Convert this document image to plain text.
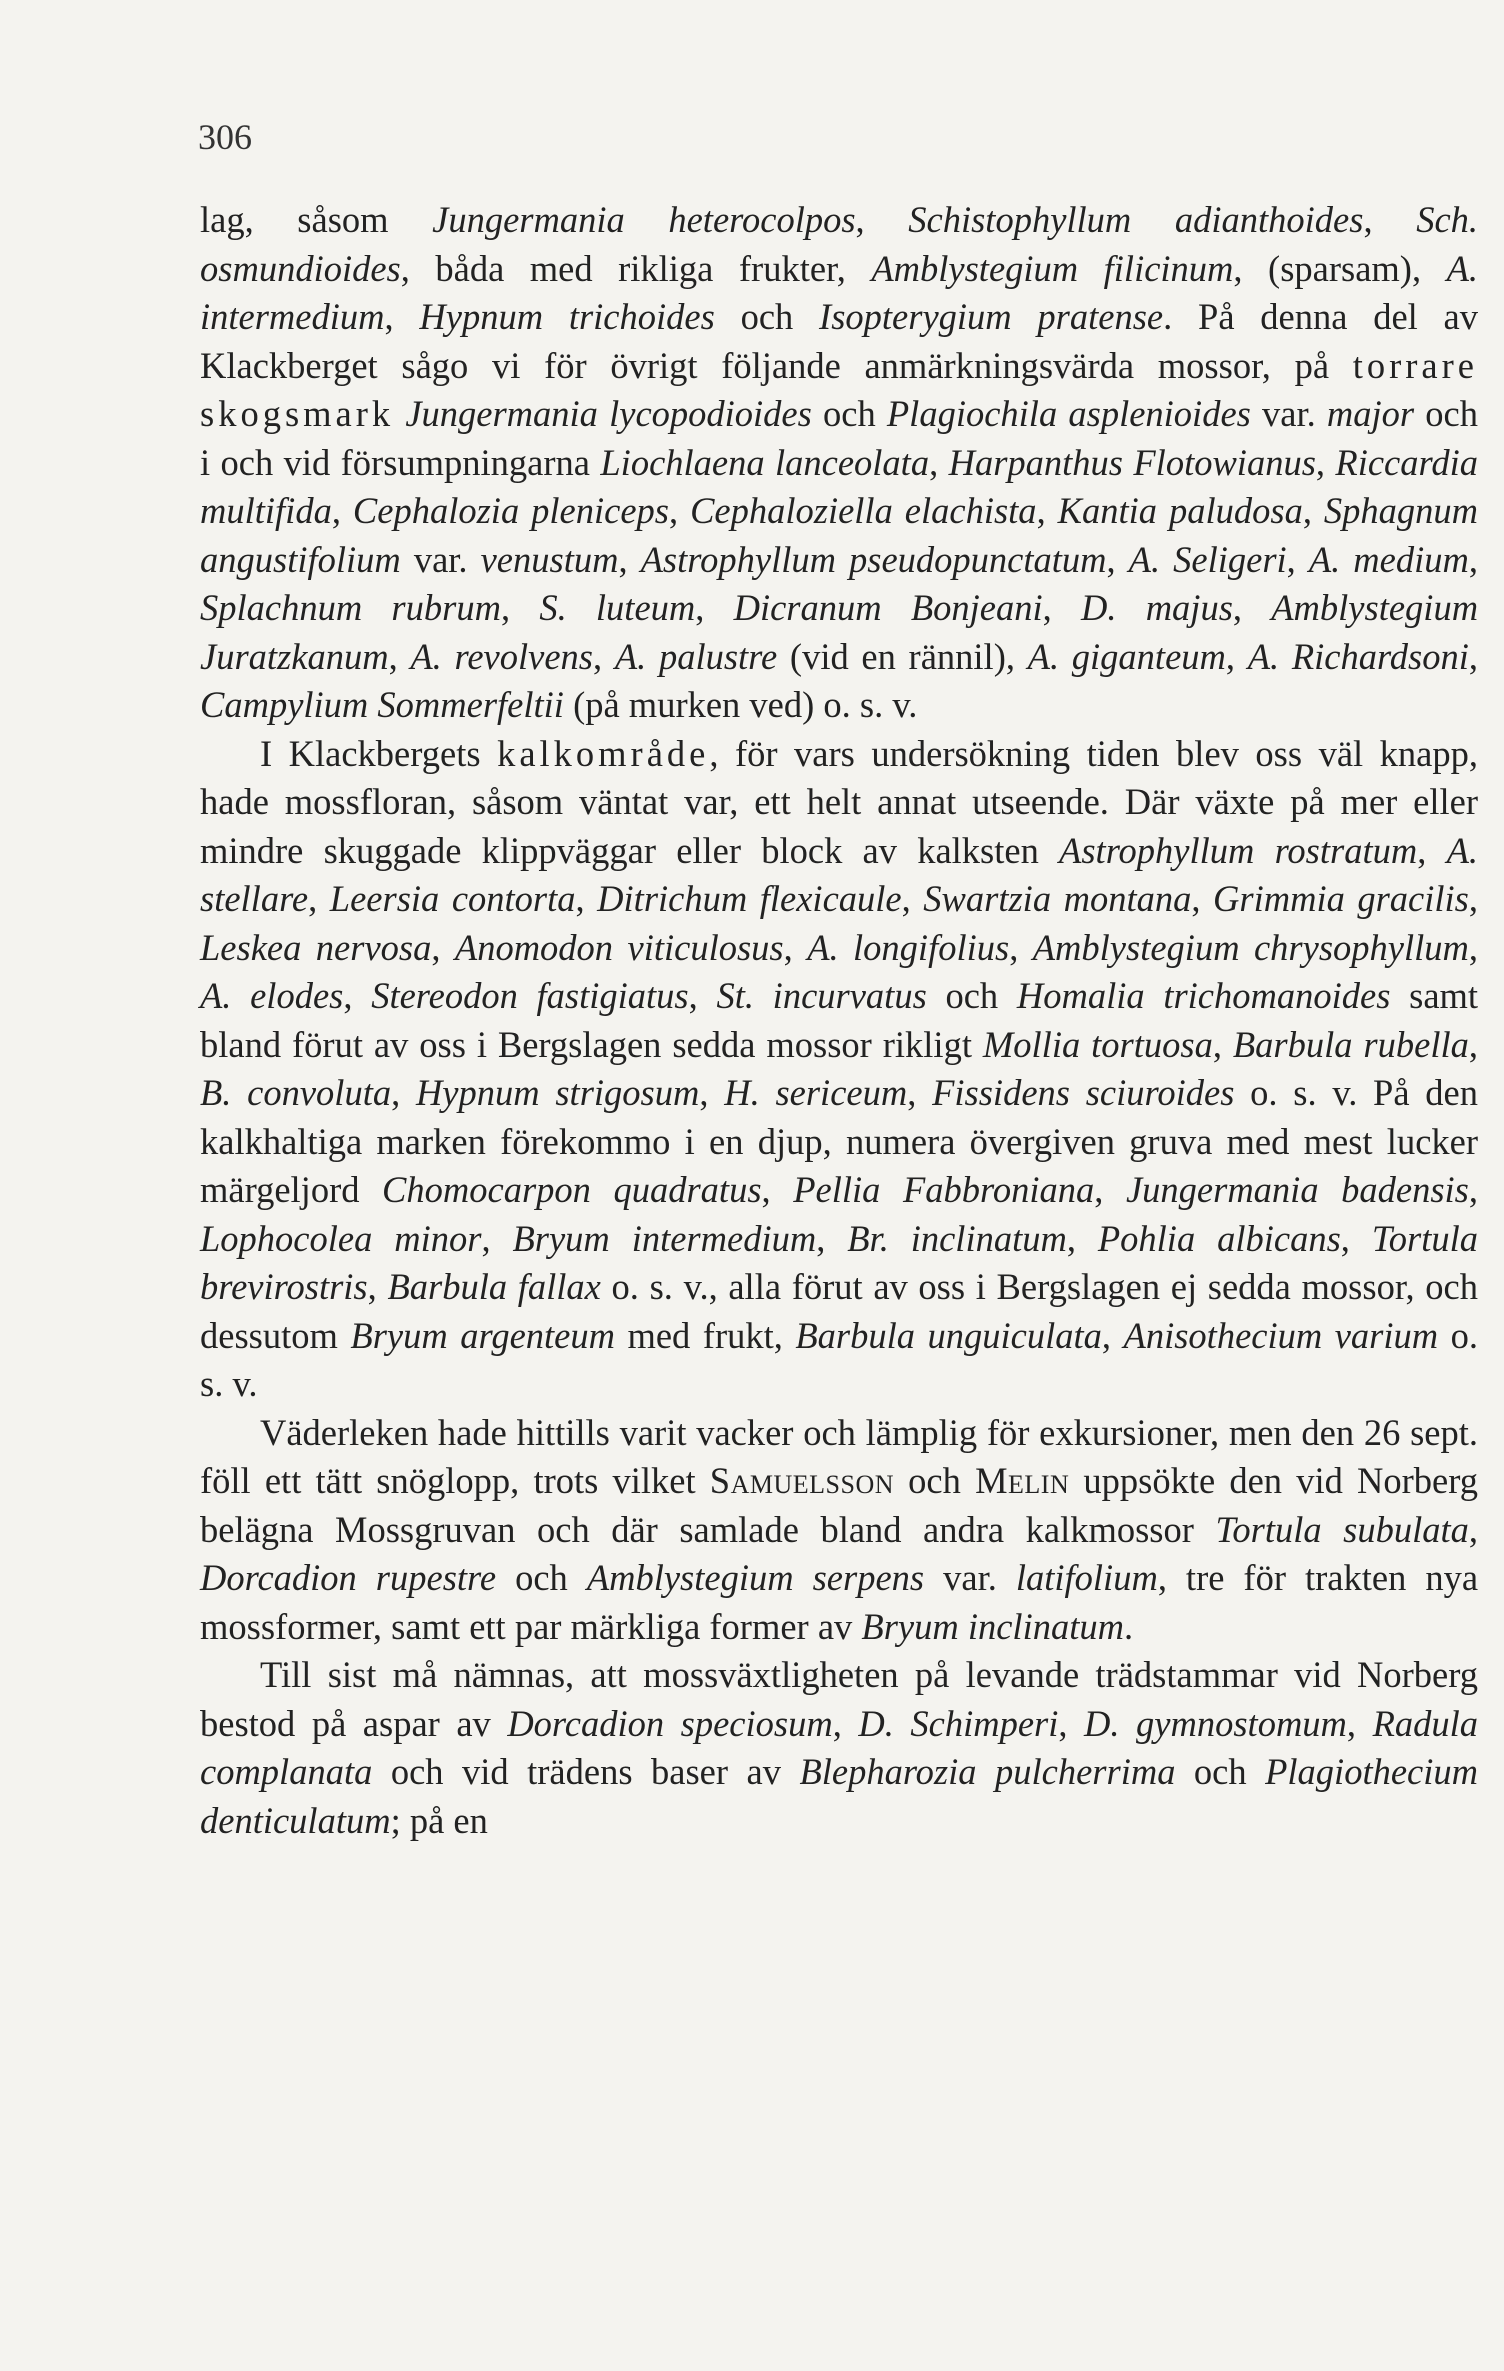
306

lag, såsom Jungermania heterocolpos, Schistophyllum adianthoides, Sch. osmundioides, båda med rikliga frukter, Amblystegium filicinum, (sparsam), A. intermedium, Hypnum trichoides och Isopterygium pratense. På denna del av Klackberget sågo vi för övrigt följande anmärkningsvärda mossor, på torrare skogsmark Jungermania lycopodioides och Plagiochila asplenioides var. major och i och vid försumpningarna Liochlaena lanceolata, Harpanthus Flotowianus, Riccardia multifida, Cephalozia pleniceps, Cephaloziella elachista, Kantia paludosa, Sphagnum angustifolium var. venustum, Astrophyllum pseudopunctatum, A. Seligeri, A. medium, Splachnum rubrum, S. luteum, Dicranum Bonjeani, D. majus, Amblystegium Juratzkanum, A. revolvens, A. palustre (vid en rännil), A. giganteum, A. Richardsoni, Campylium Sommerfeltii (på murken ved) o. s. v.

I Klackbergets kalkområde, för vars undersökning tiden blev oss väl knapp, hade mossfloran, såsom väntat var, ett helt annat utseende. Där växte på mer eller mindre skuggade klippväggar eller block av kalksten Astrophyllum rostratum, A. stellare, Leersia contorta, Ditrichum flexicaule, Swartzia montana, Grimmia gracilis, Leskea nervosa, Anomodon viticulosus, A. longifolius, Amblystegium chrysophyllum, A. elodes, Stereodon fastigiatus, St. incurvatus och Homalia trichomanoides samt bland förut av oss i Bergslagen sedda mossor rikligt Mollia tortuosa, Barbula rubella, B. convoluta, Hypnum strigosum, H. sericeum, Fissidens sciuroides o. s. v. På den kalkhaltiga marken förekommo i en djup, numera övergiven gruva med mest lucker märgeljord Chomocarpon quadratus, Pellia Fabbroniana, Jungermania badensis, Lophocolea minor, Bryum intermedium, Br. inclinatum, Pohlia albicans, Tortula brevirostris, Barbula fallax o. s. v., alla förut av oss i Bergslagen ej sedda mossor, och dessutom Bryum argenteum med frukt, Barbula unguiculata, Anisothecium varium o. s. v.

Väderleken hade hittills varit vacker och lämplig för exkursioner, men den 26 sept. föll ett tätt snöglopp, trots vilket Samuelsson och Melin uppsökte den vid Norberg belägna Mossgruvan och där samlade bland andra kalkmossor Tortula subulata, Dorcadion rupestre och Amblystegium serpens var. latifolium, tre för trakten nya mossformer, samt ett par märkliga former av Bryum inclinatum.

Till sist må nämnas, att mossväxtligheten på levande trädstammar vid Norberg bestod på aspar av Dorcadion speciosum, D. Schimperi, D. gymnostomum, Radula complanata och vid trädens baser av Blepharozia pulcherrima och Plagiothecium denticulatum; på en
